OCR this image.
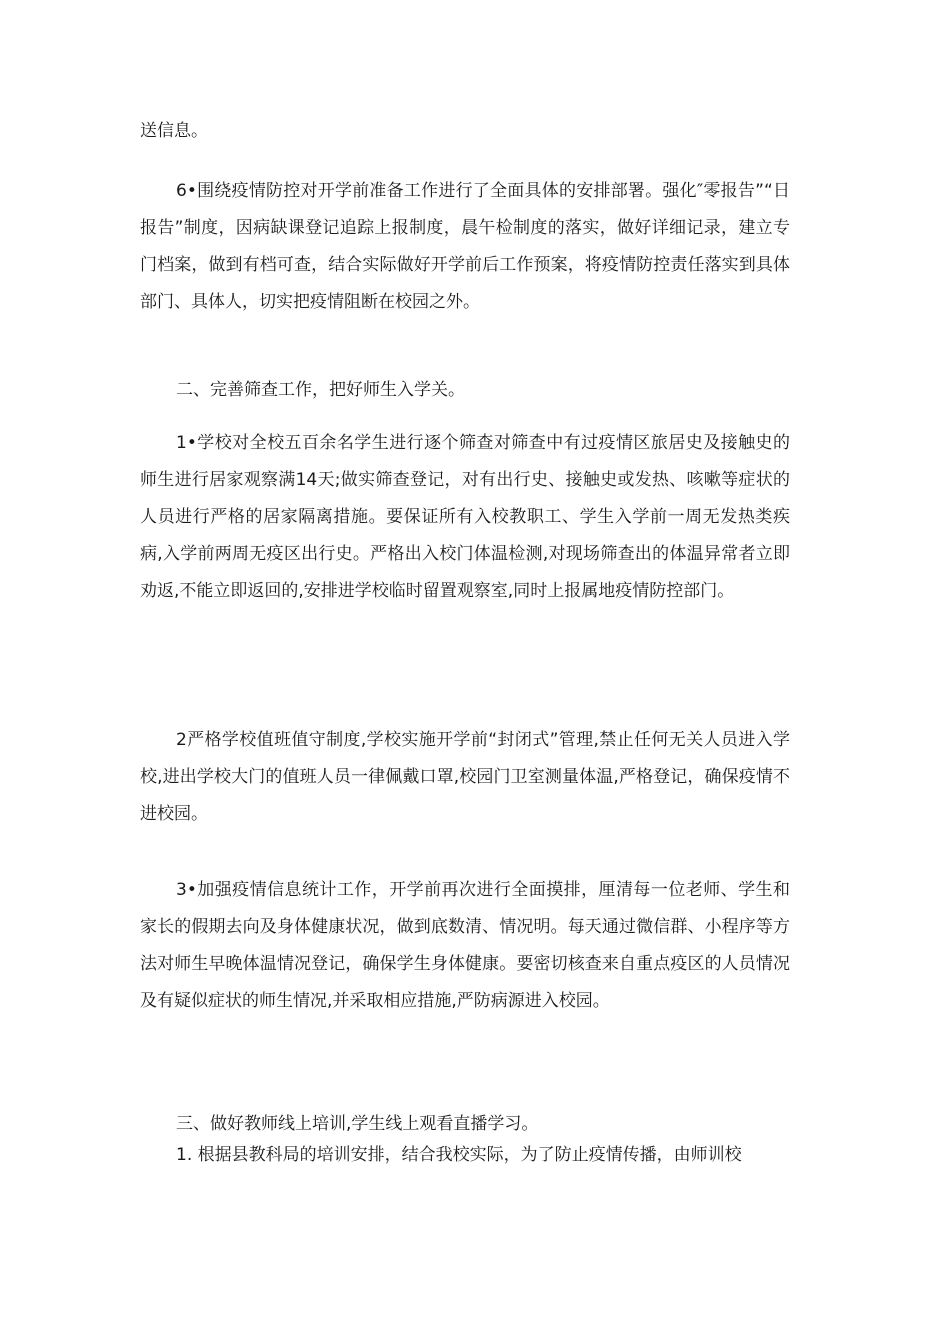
送信息。

6•围绕疫情防控对开学前准备工作进行了全面具体的安排部署。强化″零报告”“日报告”制度，因病缺课登记追踪上报制度，晨午检制度的落实，做好详细记录，建立专门档案，做到有档可查，结合实际做好开学前后工作预案，将疫情防控责任落实到具体部门、具体人，切实把疫情阻断在校园之外。

二、完善筛查工作，把好师生入学关。

1•学校对全校五百余名学生进行逐个筛查对筛查中有过疫情区旅居史及接触史的师生进行居家观察满14天;做实筛查登记，对有出行史、接触史或发热、咳嗽等症状的人员进行严格的居家隔离措施。要保证所有入校教职工、学生入学前一周无发热类疾病,入学前两周无疫区出行史。严格出入校门体温检测,对现场筛查出的体温异常者立即劝返,不能立即返回的,安排进学校临时留置观察室,同时上报属地疫情防控部门。

2严格学校值班值守制度,学校实施开学前“封闭式”管理,禁止任何无关人员进入学校,进出学校大门的值班人员一律佩戴口罩,校园门卫室测量体温,严格登记，确保疫情不进校园。

3•加强疫情信息统计工作，开学前再次进行全面摸排，厘清每一位老师、学生和家长的假期去向及身体健康状况，做到底数清、情况明。每天通过微信群、小程序等方法对师生早晚体温情况登记，确保学生身体健康。要密切核查来自重点疫区的人员情况及有疑似症状的师生情况,并采取相应措施,严防病源进入校园。

三、做好教师线上培训,学生线上观看直播学习。

1. 根据县教科局的培训安排，结合我校实际，为了防止疫情传播，由师训校
